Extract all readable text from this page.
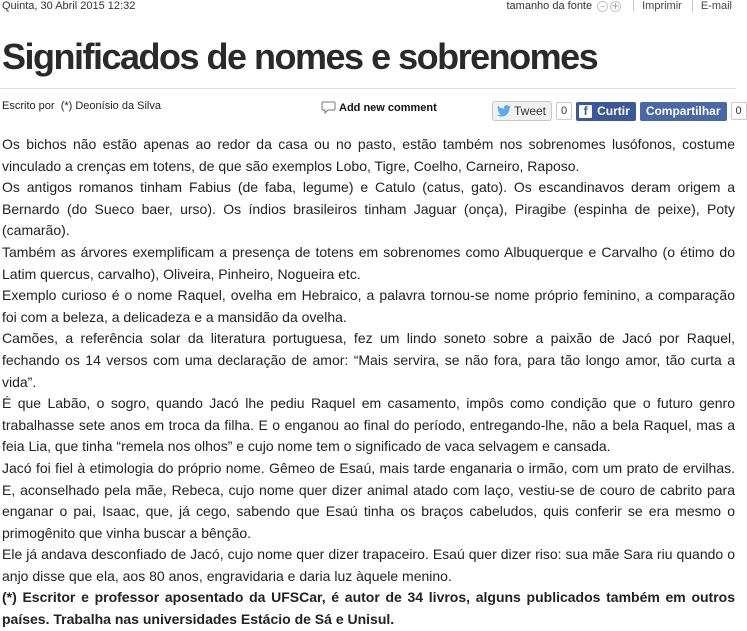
Quinta, 30 Abril 2015 12:32	tamanho da fonte – + Imprimir E-mail
Significados de nomes e sobrenomes
Escrito por (*) Deonísio da Silva	Add new comment	Tweet	0	f Curtir Compartilhar	0

Os bichos não estão apenas ao redor da casa ou no pasto, estão também nos sobrenomes lusófonos, costume vinculado a crenças em totens, de que são exemplos Lobo, Tigre, Coelho, Carneiro, Raposo.

Os antigos romanos tinham Fabius (de faba, legume) e Catulo (catus, gato). Os escandinavos deram origem a Bernardo (do Sueco baer, urso). Os índios brasileiros tinham Jaguar (onça), Piragibe (espinha de peixe), Poty (camarão).

Também as árvores exemplificam a presença de totens em sobrenomes como Albuquerque e Carvalho (o étimo do Latim quercus, carvalho), Oliveira, Pinheiro, Nogueira etc.

Exemplo curioso é o nome Raquel, ovelha em Hebraico, a palavra tornou-se nome próprio feminino, a comparação foi com a beleza, a delicadeza e a mansidão da ovelha.

Camões, a referência solar da literatura portuguesa, fez um lindo soneto sobre a paixão de Jacó por Raquel, fechando os 14 versos com uma declaração de amor: “Mais servira, se não fora, para tão longo amor, tão curta a vida”.

É que Labão, o sogro, quando Jacó lhe pediu Raquel em casamento, impôs como condição que o futuro genro trabalhasse sete anos em troca da filha. E o enganou ao final do período, entregando-lhe, não a bela Raquel, mas a feia Lia, que tinha “remela nos olhos” e cujo nome tem o significado de vaca selvagem e cansada.

Jacó foi fiel à etimologia do próprio nome. Gêmeo de Esaú, mais tarde enganaria o irmão, com um prato de ervilhas. E, aconselhado pela mãe, Rebeca, cujo nome quer dizer animal atado com laço, vestiu-se de couro de cabrito para enganar o pai, Isaac, que, já cego, sabendo que Esaú tinha os braços cabeludos, quis conferir se era mesmo o primogênito que vinha buscar a bênção.

Ele já andava desconfiado de Jacó, cujo nome quer dizer trapaceiro. Esaú quer dizer riso: sua mãe Sara riu quando o anjo disse que ela, aos 80 anos, engravidaria e daria luz àquele menino.

(*) Escritor e professor aposentado da UFSCar, é autor de 34 livros, alguns publicados também em outros países. Trabalha nas universidades Estácio de Sá e Unisul.
